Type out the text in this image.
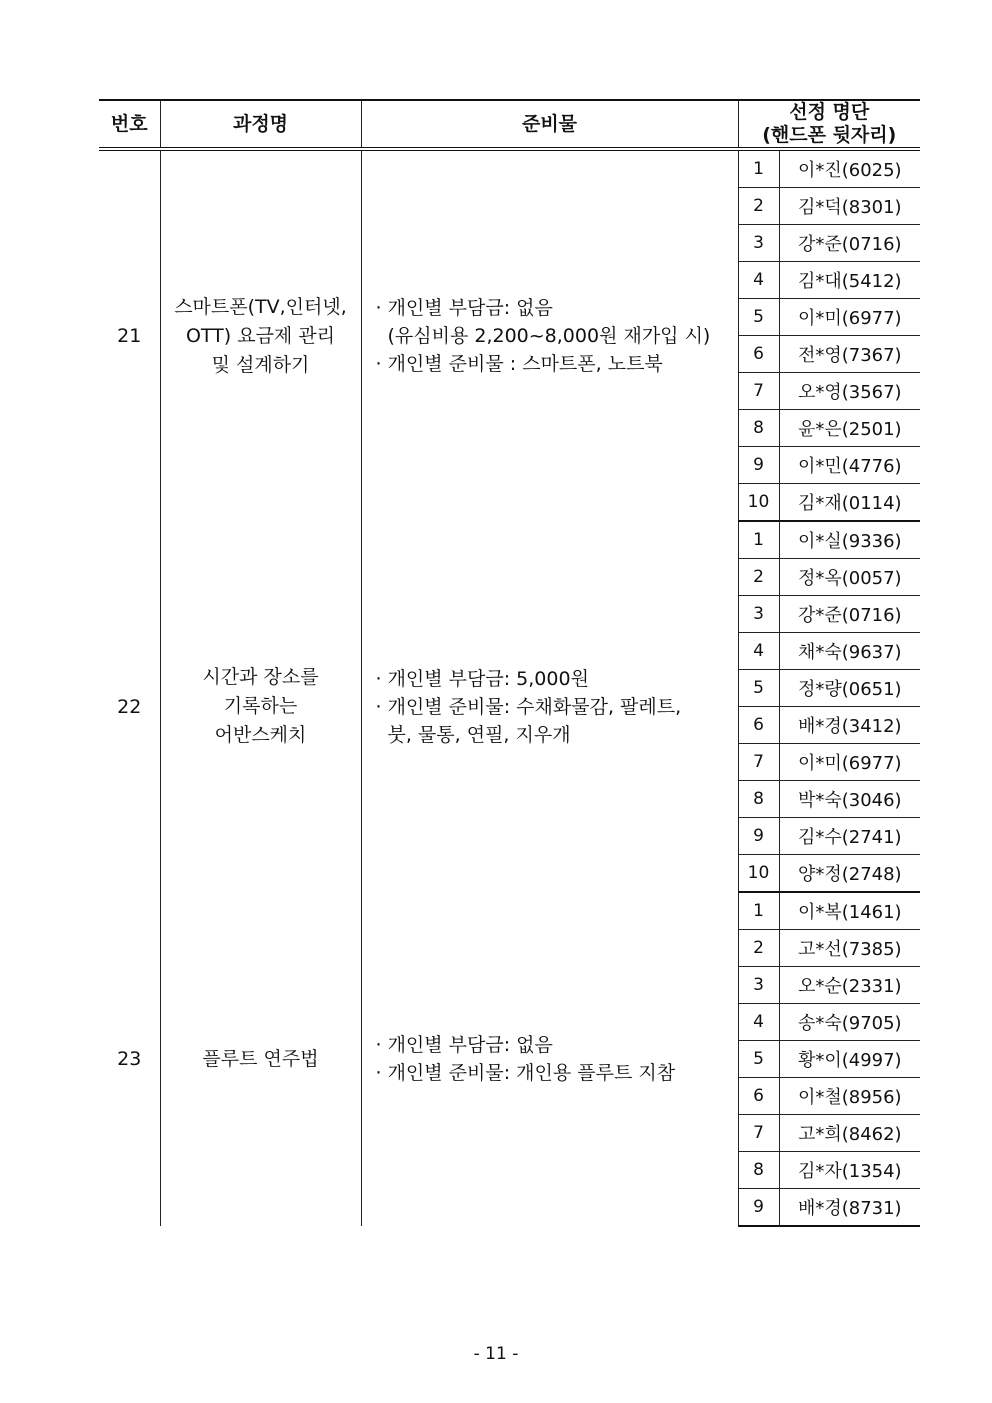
번호	과정명	준비물	선정 명단
(핸드폰 뒷자리)	
21	스마트폰(TV,인터넷,
OTT) 요금제 관리
및 설계하기	· 개인별 부담금: 없음
(유심비용 2,200~8,000원 재가입 시)
· 개인별 준비물 : 스마트폰, 노트북	1	이*진(6025)
			2	김*덕(8301)
			3	강*준(0716)
			4	김*대(5412)
			5	이*미(6977)
			6	전*영(7367)
			7	오*영(3567)
			8	윤*은(2501)
			9	이*민(4776)
			10	김*재(0114)
22	시간과 장소를
기록하는
어반스케치	· 개인별 부담금: 5,000원
· 개인별 준비물: 수채화물감, 팔레트,
붓, 물통, 연필, 지우개	1	이*실(9336)
			2	정*옥(0057)
			3	강*준(0716)
			4	채*숙(9637)
			5	정*량(0651)
			6	배*경(3412)
			7	이*미(6977)
			8	박*숙(3046)
			9	김*수(2741)
			10	양*정(2748)
23	플루트 연주법	· 개인별 부담금: 없음
· 개인별 준비물: 개인용 플루트 지참	1	이*복(1461)
			2	고*선(7385)
			3	오*순(2331)
			4	송*숙(9705)
			5	황*이(4997)
			6	이*철(8956)
			7	고*희(8462)
			8	김*자(1354)
			9	배*경(8731)
- 11 -
